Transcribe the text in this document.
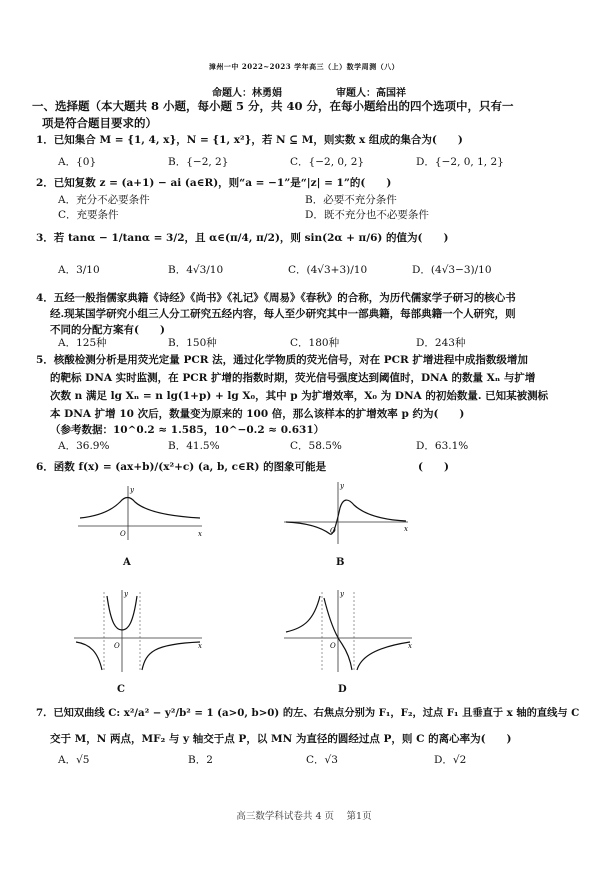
漳州一中 2022~2023 学年高三（上）数学周测（八）
命题人：林勇娟	审题人：高国祥
一、选择题（本大题共 8 小题，每小题 5 分，共 40 分，在每小题给出的四个选项中，只有一
项是符合题目要求的）
1．已知集合 M = {1, 4, x}，N = {1, x²}，若 N ⊆ M，则实数 x 组成的集合为(　　)
A．{0}	B．{−2, 2}	C．{−2, 0, 2}	D．{−2, 0, 1, 2}
2．已知复数 z = (a+1) − ai (a∈R)，则“a = −1”是“|z| = 1”的(　　)
A．充分不必要条件	B．必要不充分条件
C．充要条件	D．既不充分也不必要条件
3．若 tanα − 1/tanα = 3/2，且 α∈(π/4, π/2)，则 sin(2α + π/6) 的值为(　　)
A．3/10	B．4√3/10	C．(4√3+3)/10	D．(4√3−3)/10
4．五经一般指儒家典籍《诗经》《尚书》《礼记》《周易》《春秋》的合称，为历代儒家学子研习的核心书
经.现某国学研究小组三人分工研究五经内容，每人至少研究其中一部典籍，每部典籍一个人研究，则
不同的分配方案有(　　)
A．125种	B．150种	C．180种	D．243种
5．核酸检测分析是用荧光定量 PCR 法，通过化学物质的荧光信号，对在 PCR 扩增进程中成指数级增加
的靶标 DNA 实时监测，在 PCR 扩增的指数时期，荧光信号强度达到阈值时，DNA 的数量 Xₙ 与扩增
次数 n 满足 lg Xₙ = n lg(1+p) + lg X₀，其中 p 为扩增效率，X₀ 为 DNA 的初始数量. 已知某被测标
本 DNA 扩增 10 次后，数量变为原来的 100 倍，那么该样本的扩增效率 p 约为(　　)
（参考数据：10^0.2 ≈ 1.585，10^−0.2 ≈ 0.631）
A．36.9%	B．41.5%	C．58.5%	D．63.1%
6．函数 f(x) = (ax+b)/(x²+c) (a, b, c∈R) 的图象可能是	(　　)
y
x
O
A
y
x
O
B
y
x
O
C
y
x
O
D
7．已知双曲线 C: x²/a² − y²/b² = 1 (a>0, b>0) 的左、右焦点分别为 F₁，F₂，过点 F₁ 且垂直于 x 轴的直线与 C
交于 M，N 两点，MF₂ 与 y 轴交于点 P，以 MN 为直径的圆经过点 P，则 C 的离心率为(　　)
A．√5	B．2	C．√3	D．√2
高三数学科试卷共 4 页　 第1页
